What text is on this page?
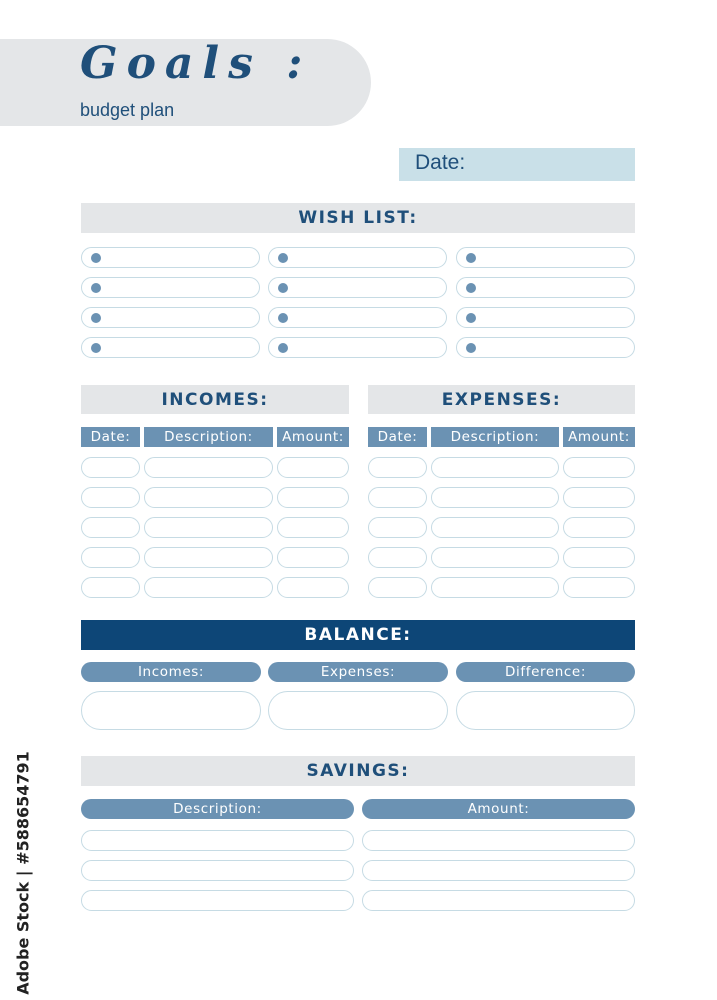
Goals :
budget plan
Date:
WISH LIST:
INCOMES:
Date:	Description:	Amount:
EXPENSES:
Date:	Description:	Amount:
BALANCE:
Incomes:	Expenses:	Difference:
SAVINGS:
Description:	Amount:
Adobe Stock | #588654791
